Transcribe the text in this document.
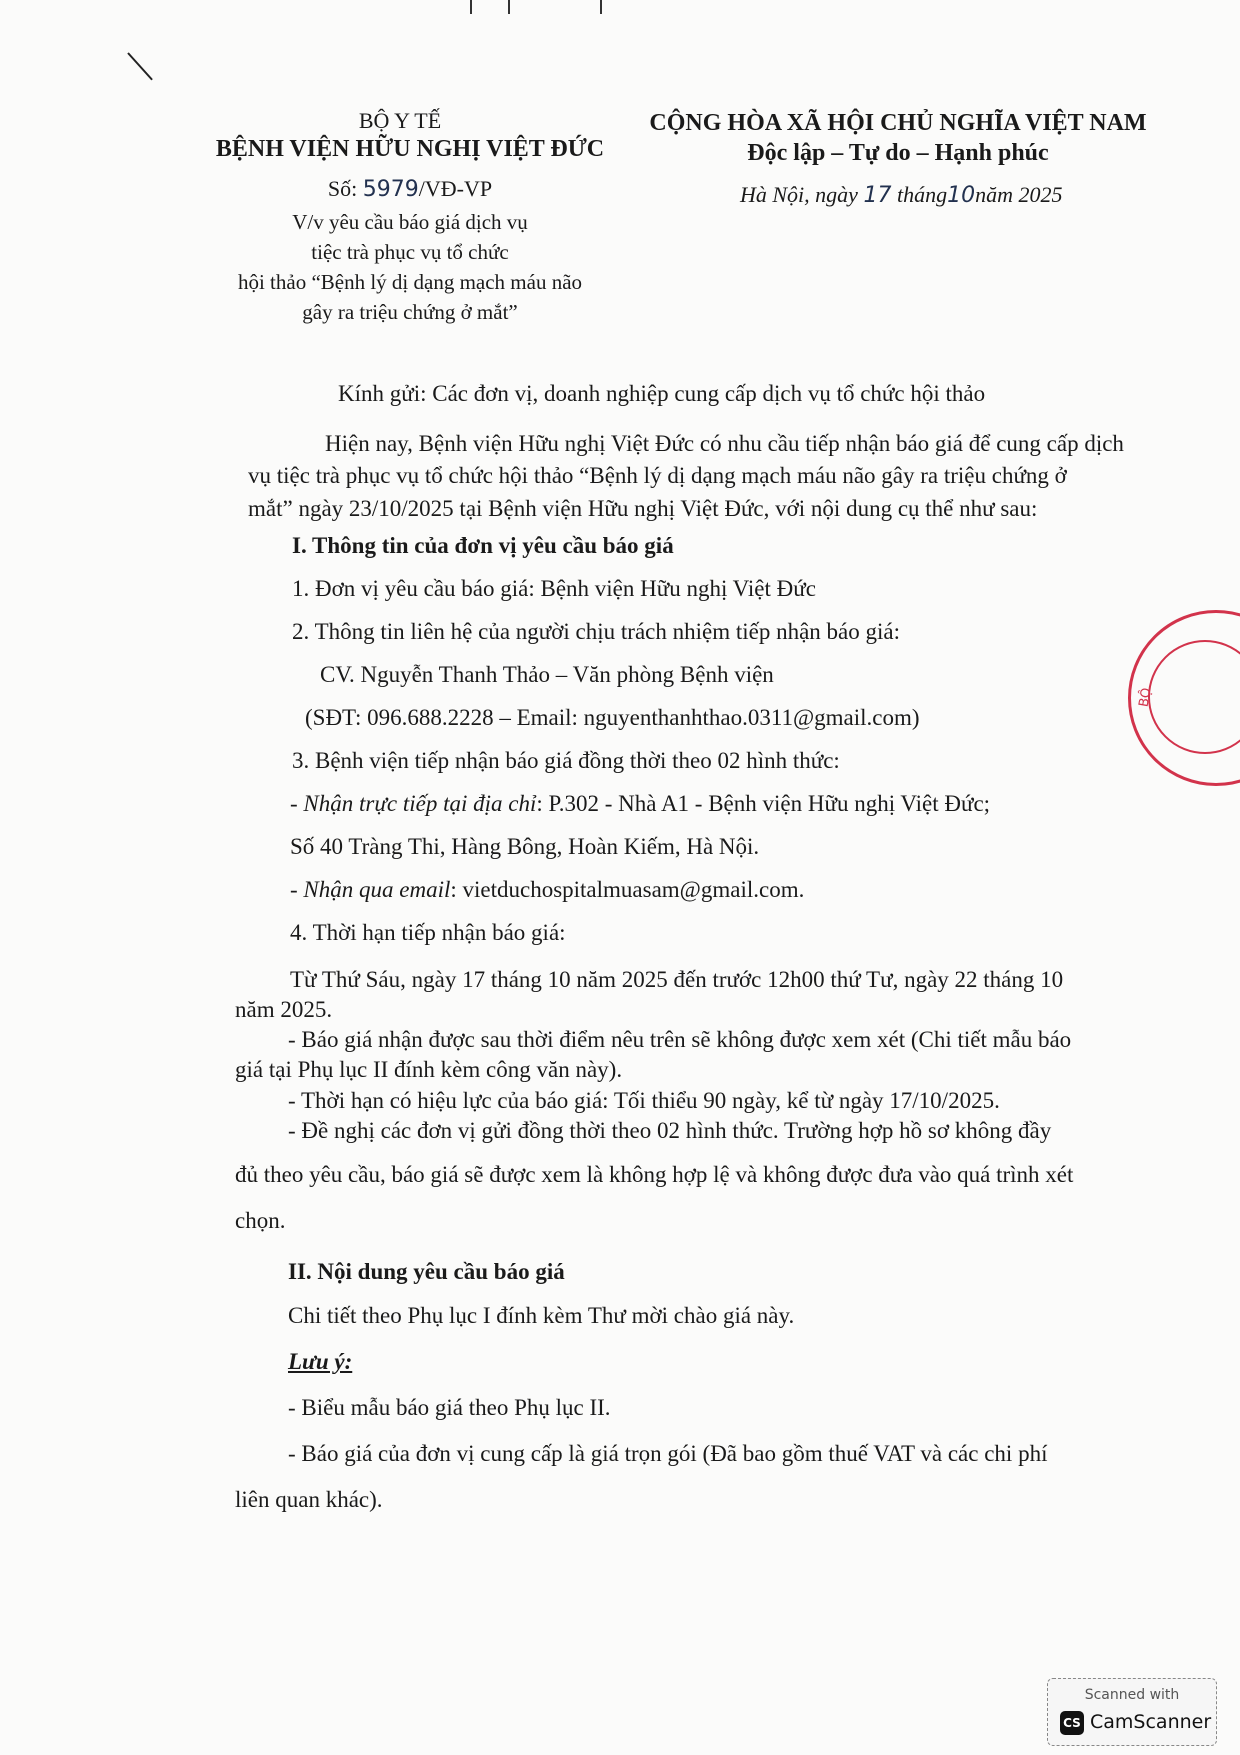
BỘ Y TẾ
BỆNH VIỆN HỮU NGHỊ VIỆT ĐỨC
Số: 5979/VĐ-VP
V/v yêu cầu báo giá dịch vụ
tiệc trà phục vụ tổ chức
hội thảo “Bệnh lý dị dạng mạch máu não
gây ra triệu chứng ở mắt”
CỘNG HÒA XÃ HỘI CHỦ NGHĨA VIỆT NAM
Độc lập – Tự do – Hạnh phúc
Hà Nội, ngày 17 tháng10năm 2025
Kính gửi: Các đơn vị, doanh nghiệp cung cấp dịch vụ tổ chức hội thảo
Hiện nay, Bệnh viện Hữu nghị Việt Đức có nhu cầu tiếp nhận báo giá để cung cấp dịch
vụ tiệc trà phục vụ tổ chức hội thảo “Bệnh lý dị dạng mạch máu não gây ra triệu chứng ở
mắt” ngày 23/10/2025 tại Bệnh viện Hữu nghị Việt Đức, với nội dung cụ thể như sau:
I. Thông tin của đơn vị yêu cầu báo giá
1. Đơn vị yêu cầu báo giá: Bệnh viện Hữu nghị Việt Đức
2. Thông tin liên hệ của người chịu trách nhiệm tiếp nhận báo giá:
CV. Nguyễn Thanh Thảo – Văn phòng Bệnh viện
(SĐT: 096.688.2228 – Email: nguyenthanhthao.0311@gmail.com)
3. Bệnh viện tiếp nhận báo giá đồng thời theo 02 hình thức:
- Nhận trực tiếp tại địa chỉ: P.302 - Nhà A1 - Bệnh viện Hữu nghị Việt Đức;
Số 40 Tràng Thi, Hàng Bông, Hoàn Kiếm, Hà Nội.
- Nhận qua email: vietduchospitalmuasam@gmail.com.
4. Thời hạn tiếp nhận báo giá:
Từ Thứ Sáu, ngày 17 tháng 10 năm 2025 đến trước 12h00 thứ Tư, ngày 22 tháng 10
năm 2025.
- Báo giá nhận được sau thời điểm nêu trên sẽ không được xem xét (Chi tiết mẫu báo
giá tại Phụ lục II đính kèm công văn này).
- Thời hạn có hiệu lực của báo giá: Tối thiểu 90 ngày, kể từ ngày 17/10/2025.
- Đề nghị các đơn vị gửi đồng thời theo 02 hình thức. Trường hợp hồ sơ không đầy
đủ theo yêu cầu, báo giá sẽ được xem là không hợp lệ và không được đưa vào quá trình xét
chọn.
II. Nội dung yêu cầu báo giá
Chi tiết theo Phụ lục I đính kèm Thư mời chào giá này.
Lưu ý:
- Biểu mẫu báo giá theo Phụ lục II.
- Báo giá của đơn vị cung cấp là giá trọn gói (Đã bao gồm thuế VAT và các chi phí
liên quan khác).
BỘ
Scanned with
CS CamScanner
